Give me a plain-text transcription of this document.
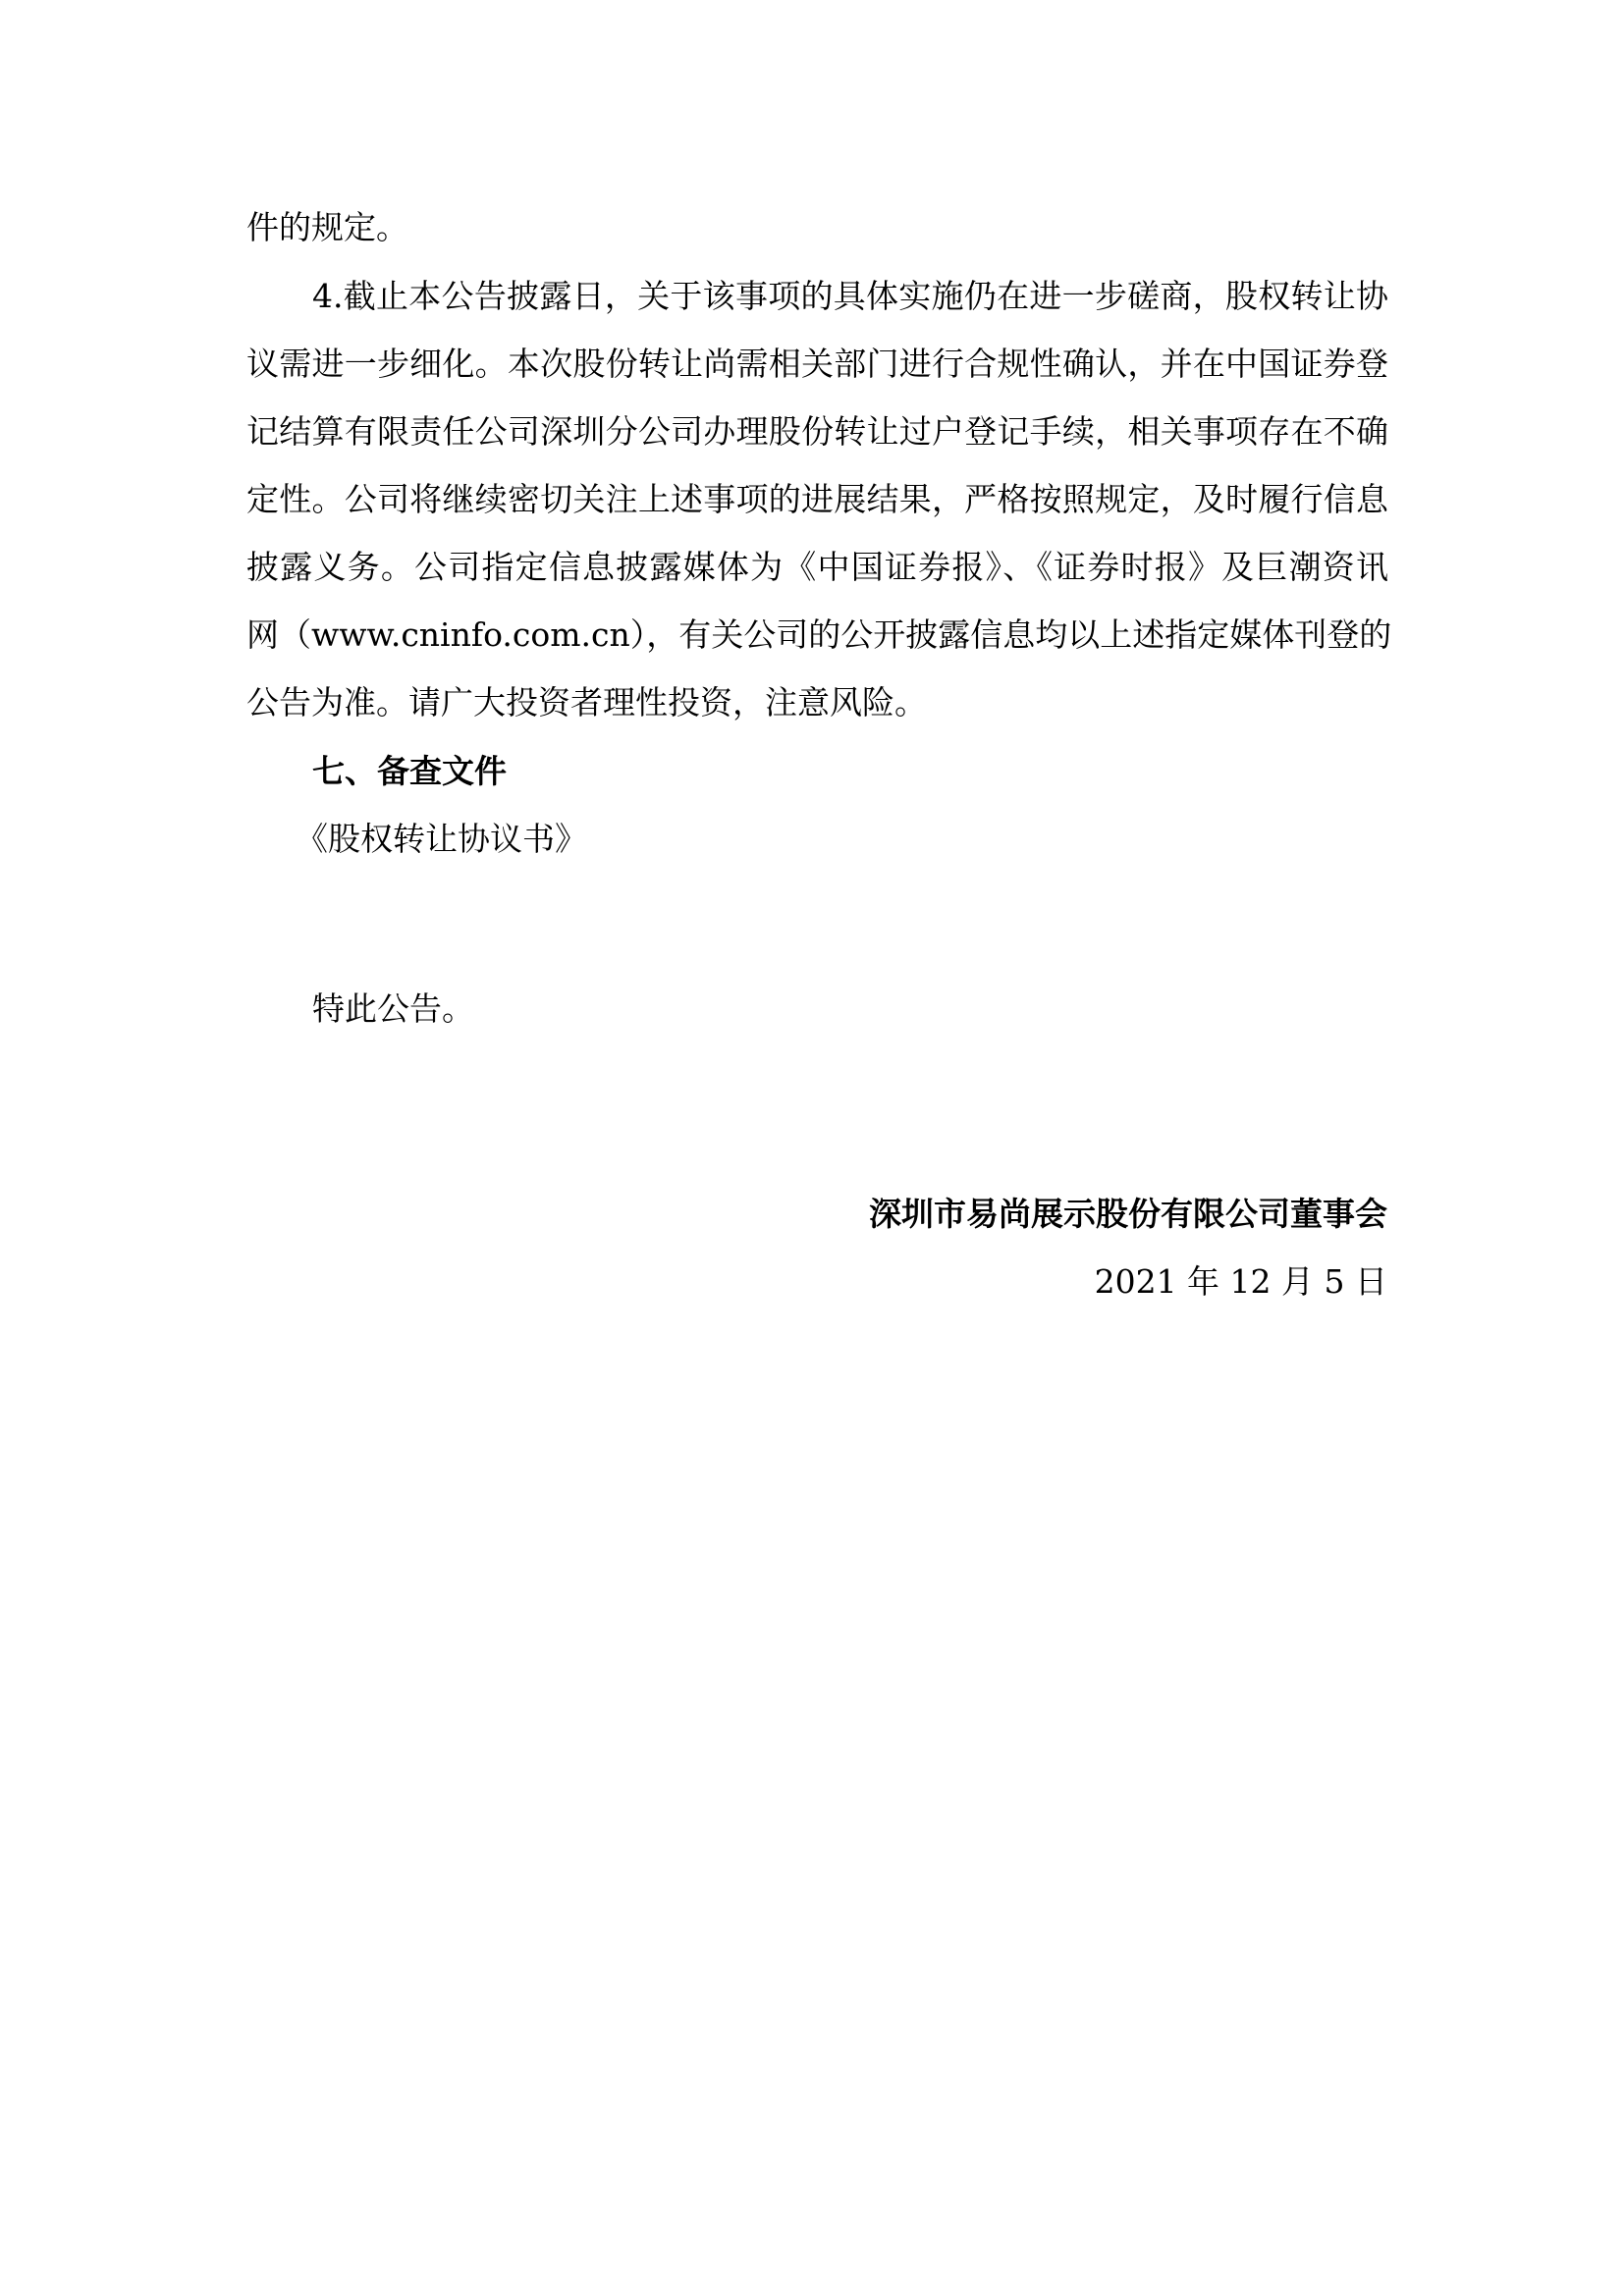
件的规定。
4.截止本公告披露日，关于该事项的具体实施仍在进一步磋商，股权转让协
议需进一步细化。本次股份转让尚需相关部门进行合规性确认，并在中国证券登
记结算有限责任公司深圳分公司办理股份转让过户登记手续，相关事项存在不确
定性。公司将继续密切关注上述事项的进展结果，严格按照规定，及时履行信息
披露义务。公司指定信息披露媒体为《中国证券报》、《证券时报》及巨潮资讯
网（www.cninfo.com.cn），有关公司的公开披露信息均以上述指定媒体刊登的
公告为准。请广大投资者理性投资，注意风险。
七、备查文件
《股权转让协议书》
特此公告。
深圳市易尚展示股份有限公司董事会
2021 年 12 月 5 日
